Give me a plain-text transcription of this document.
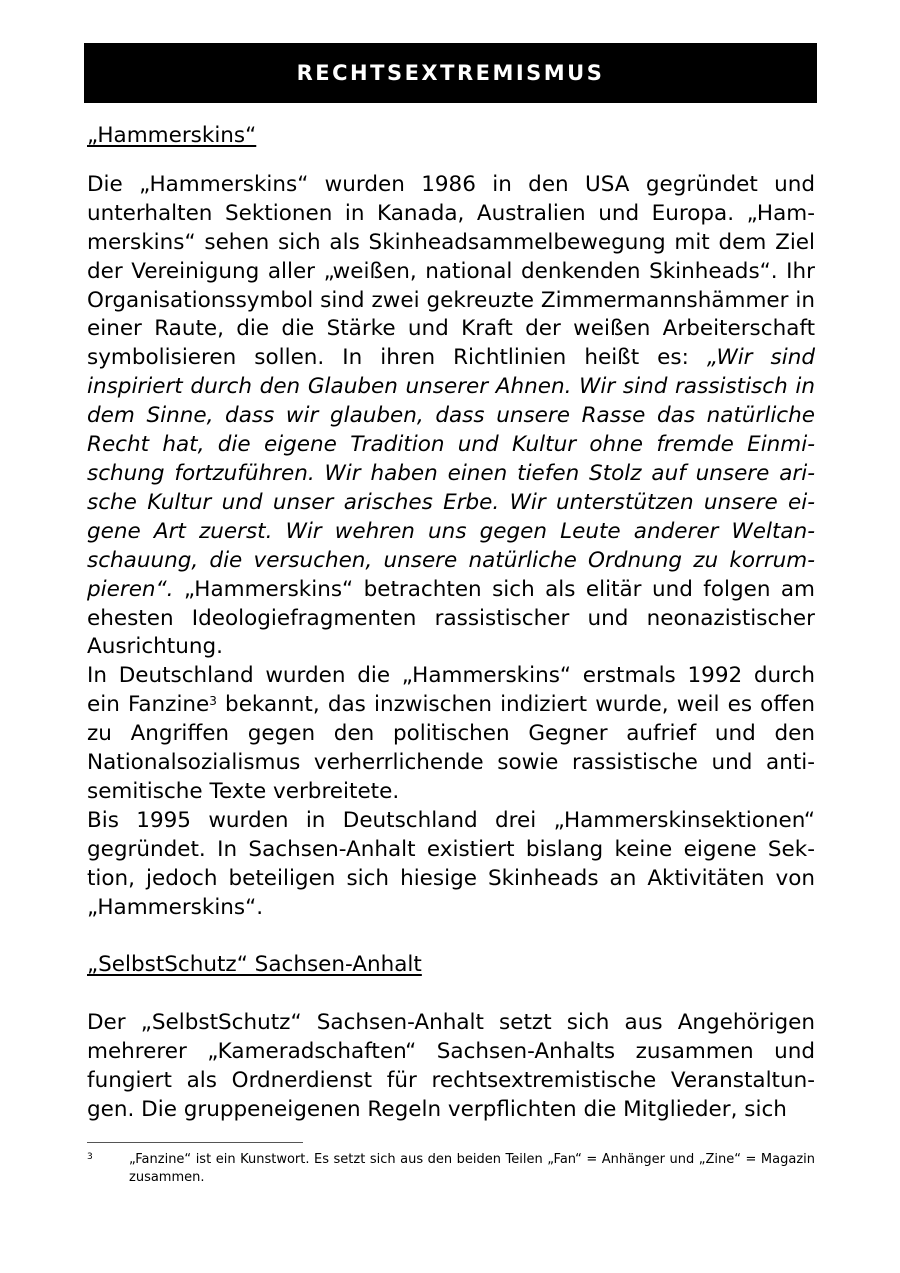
RECHTSEXTREMISMUS

„Hammerskins“

Die „Hammerskins“ wurden 1986 in den USA gegründet und unterhalten Sektionen in Kanada, Australien und Europa. „Hammerskins“ sehen sich als Skinheadsammelbewegung mit dem Ziel der Vereinigung aller „weißen, national denkenden Skinheads“. Ihr Organisationssymbol sind zwei gekreuzte Zimmermannshämmer in einer Raute, die die Stärke und Kraft der weißen Arbeiterschaft symbolisieren sollen. In ihren Richtlinien heißt es: „Wir sind inspiriert durch den Glauben unserer Ahnen. Wir sind rassistisch in dem Sinne, dass wir glauben, dass unsere Rasse das natürliche Recht hat, die eigene Tradition und Kultur ohne fremde Einmischung fortzuführen. Wir haben einen tiefen Stolz auf unsere arische Kultur und unser arisches Erbe. Wir unterstützen unsere eigene Art zuerst. Wir wehren uns gegen Leute anderer Weltanschauung, die versuchen, unsere natürliche Ordnung zu korrumpieren“. „Hammerskins“ betrachten sich als elitär und folgen am ehesten Ideologiefragmenten rassistischer und neonazistischer Ausrichtung.

In Deutschland wurden die „Hammerskins“ erstmals 1992 durch ein Fanzine$^3$ bekannt, das inzwischen indiziert wurde, weil es offen zu Angriffen gegen den politischen Gegner aufrief und den Nationalsozialismus verherrlichende sowie rassistische und antisemitische Texte verbreitete.

Bis 1995 wurden in Deutschland drei „Hammerskinsektionen“ gegründet. In Sachsen-Anhalt existiert bislang keine eigene Sektion, jedoch beteiligen sich hiesige Skinheads an Aktivitäten von „Hammerskins“.

„SelbstSchutz“ Sachsen-Anhalt

Der „SelbstSchutz“ Sachsen-Anhalt setzt sich aus Angehörigen mehrerer „Kameradschaften“ Sachsen-Anhalts zusammen und fungiert als Ordnerdienst für rechtsextremistische Veranstaltungen. Die gruppeneigenen Regeln verpflichten die Mitglieder, sich

3	„Fanzine“ ist ein Kunstwort. Es setzt sich aus den beiden Teilen „Fan“ = Anhänger und „Zine“ = Magazin zusammen.
